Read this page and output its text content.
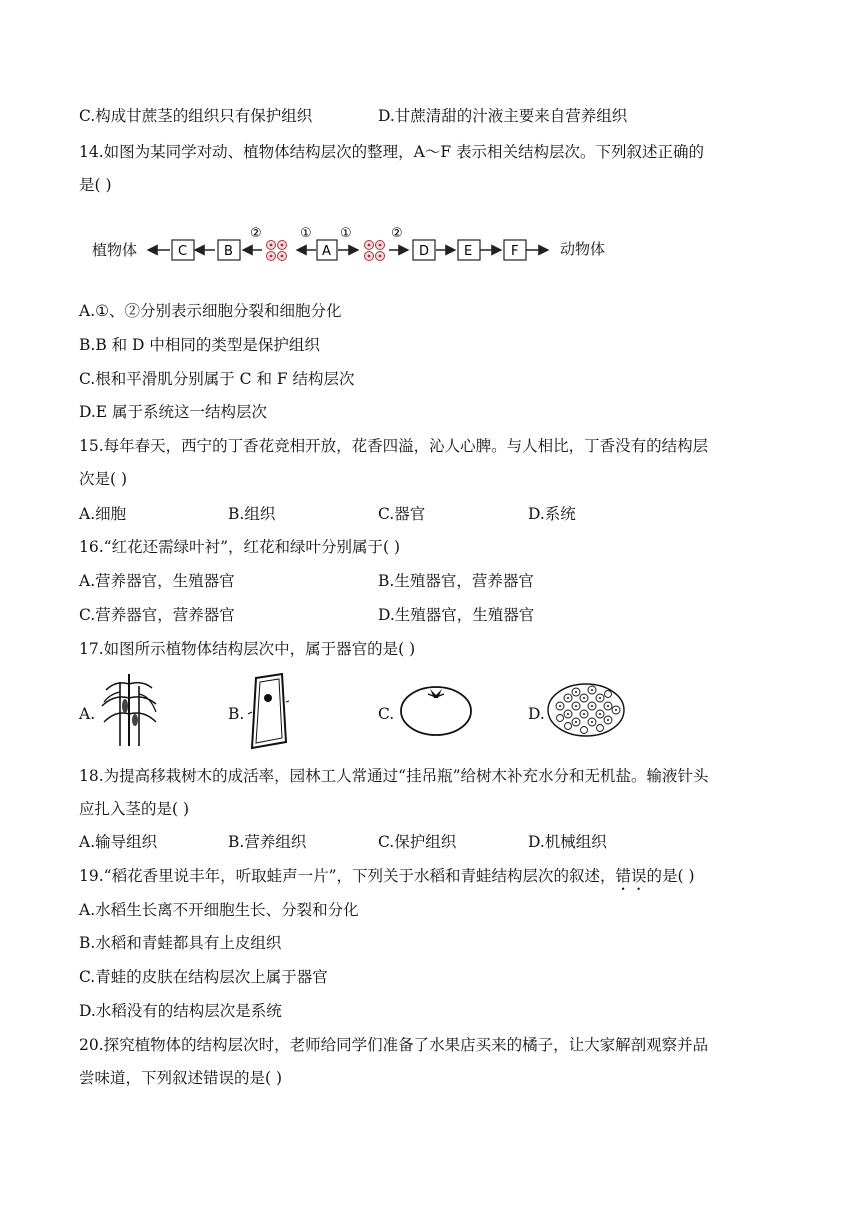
C.构成甘蔗茎的组织只有保护组织	D.甘蔗清甜的汁液主要来自营养组织
14.如图为某同学对动、植物体结构层次的整理，A～F 表示相关结构层次。下列叙述正确的
是( )
植物体	C	B	A	D	E	F
②	① ①	②
动物体
A.①、②分别表示细胞分裂和细胞分化
B.B 和 D 中相同的类型是保护组织
C.根和平滑肌分别属于 C 和 F 结构层次
D.E 属于系统这一结构层次
15.每年春天，西宁的丁香花竞相开放，花香四溢，沁人心脾。与人相比，丁香没有的结构层
次是( )
A.细胞	B.组织	C.器官	D.系统
16.“红花还需绿叶衬”，红花和绿叶分别属于( )
A.营养器官，生殖器官	B.生殖器官，营养器官
C.营养器官，营养器官	D.生殖器官，生殖器官
17.如图所示植物体结构层次中，属于器官的是( )
A.	B.	C.	D.
18.为提高移栽树木的成活率，园林工人常通过“挂吊瓶”给树木补充水分和无机盐。输液针头
应扎入茎的是( )
A.输导组织	B.营养组织	C.保护组织	D.机械组织
19.“稻花香里说丰年，听取蛙声一片”，下列关于水稻和青蛙结构层次的叙述，错误的是( )
A.水稻生长离不开细胞生长、分裂和分化
B.水稻和青蛙都具有上皮组织
C.青蛙的皮肤在结构层次上属于器官
D.水稻没有的结构层次是系统
20.探究植物体的结构层次时，老师给同学们准备了水果店买来的橘子，让大家解剖观察并品
尝味道，下列叙述错误的是( )
